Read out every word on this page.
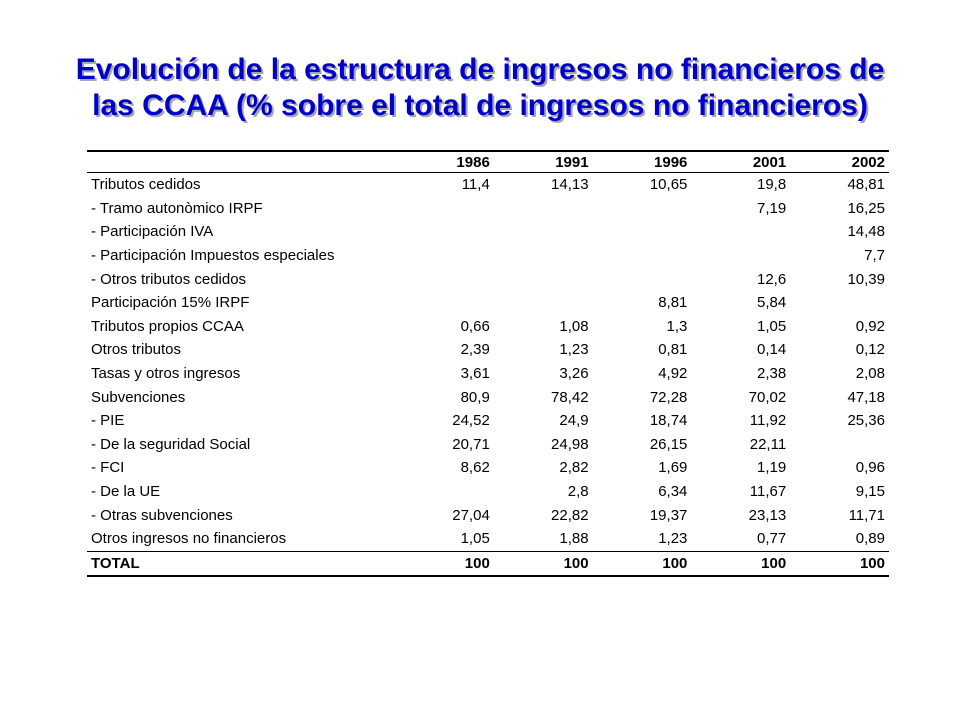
Evolución de la estructura de ingresos no financieros de
las CCAA (% sobre el total de ingresos no financieros)
	1986	1991	1996	2001	2002
Tributos cedidos	11,4	14,13	10,65	19,8	48,81
- Tramo autonòmico IRPF				7,19	16,25
- Participación IVA					14,48
- Participación Impuestos especiales					7,7
- Otros tributos cedidos				12,6	10,39
Participación 15% IRPF			8,81	5,84	
Tributos propios CCAA	0,66	1,08	1,3	1,05	0,92
Otros tributos	2,39	1,23	0,81	0,14	0,12
Tasas y otros ingresos	3,61	3,26	4,92	2,38	2,08
Subvenciones	80,9	78,42	72,28	70,02	47,18
- PIE	24,52	24,9	18,74	11,92	25,36
- De la seguridad Social	20,71	24,98	26,15	22,11	
- FCI	8,62	2,82	1,69	1,19	0,96
- De la UE		2,8	6,34	11,67	9,15
- Otras subvenciones	27,04	22,82	19,37	23,13	11,71
Otros ingresos no financieros	1,05	1,88	1,23	0,77	0,89
TOTAL	100	100	100	100	100
